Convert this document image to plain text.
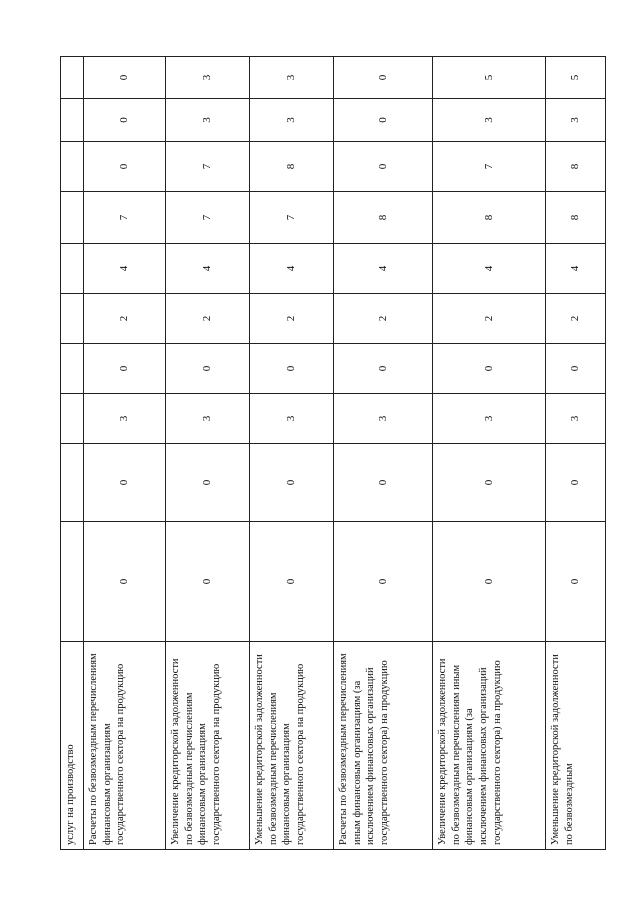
услуг на производство										
Расчеты по безвозмездным перечислениям финансовым организациям государственного сектора на продукцию	0	0	3	0	2	4	7	0	0	0
Увеличение кредиторской задолженности по безвозмездным перечислениям финансовым организациям государственного сектора на продукцию	0	0	3	0	2	4	7	7	3	3
Уменьшение кредиторской задолженности по безвозмездным перечислениям финансовым организациям государственного сектора на продукцию	0	0	3	0	2	4	7	8	3	3
Расчеты по безвозмездным перечислениям иным финансовым организациям (за исключением финансовых организаций государственного сектора) на продукцию	0	0	3	0	2	4	8	0	0	0
Увеличение кредиторской задолженности по безвозмездным перечислениям иным финансовым организациям (за исключением финансовых организаций государственного сектора) на продукцию	0	0	3	0	2	4	8	7	3	5
Уменьшение кредиторской задолженности по безвозмездным	0	0	3	0	2	4	8	8	3	5
